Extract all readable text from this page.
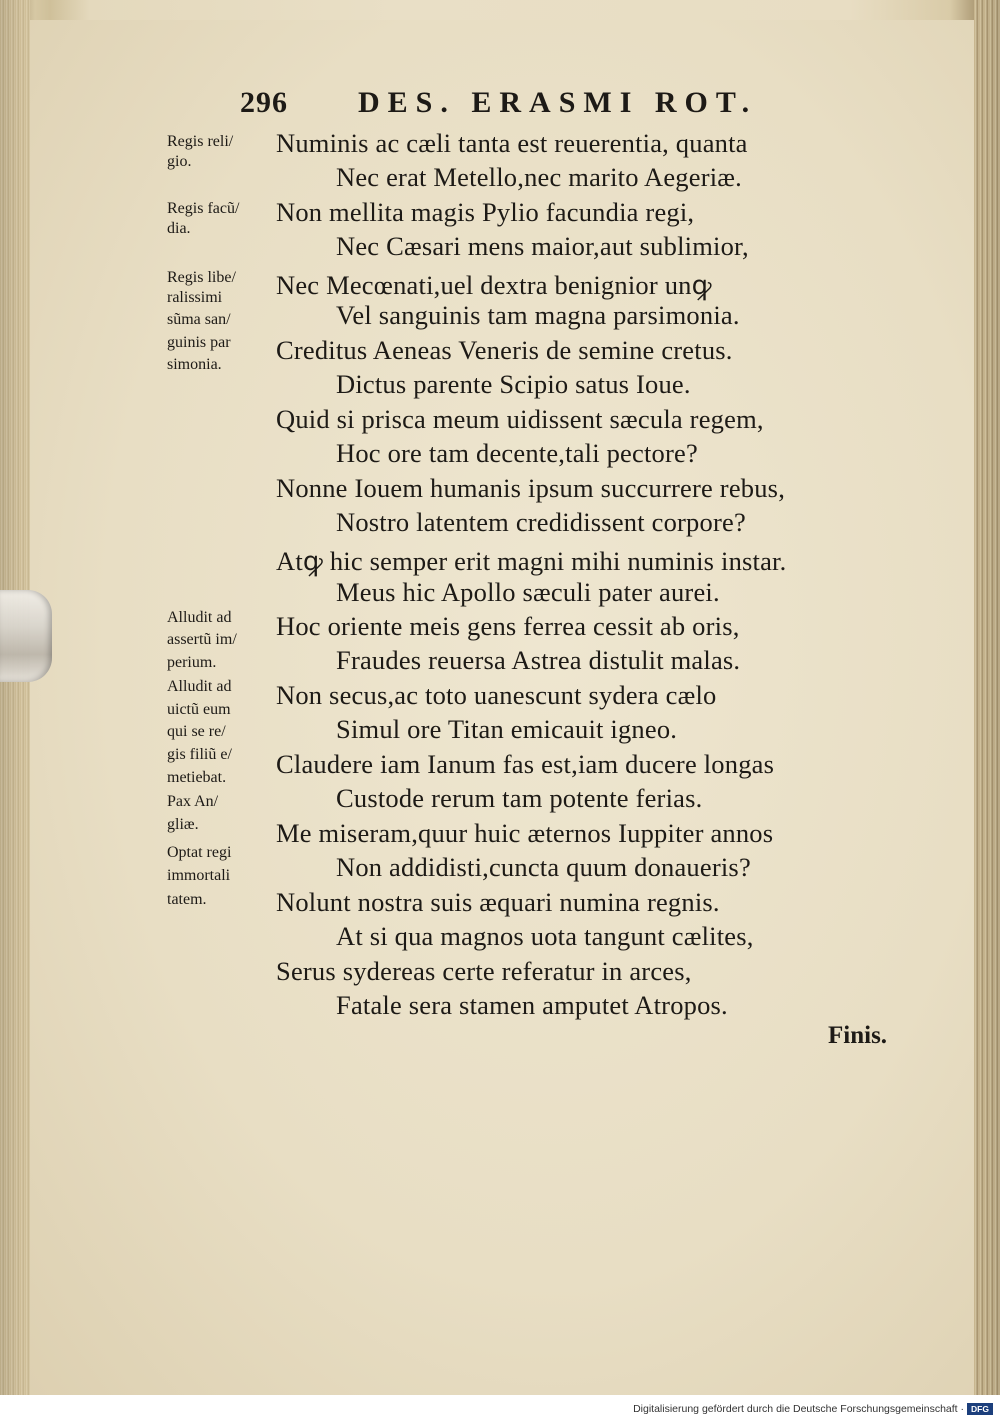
296 DES. ERASMI ROT.
Numinis ac cæli tanta est reuerentia, quanta
Nec erat Metello,nec marito Aegeriæ.
Non mellita magis Pylio facundia regi,
Nec Cæsari mens maior,aut sublimior,
Nec Mecœnati,uel dextra benignior unꝙ
Vel sanguinis tam magna parsimonia.
Creditus Aeneas Veneris de semine cretus.
Dictus parente Scipio satus Ioue.
Quid si prisca meum uidissent sæcula regem,
Hoc ore tam decente,tali pectore?
Nonne Iouem humanis ipsum succurrere rebus,
Nostro latentem credidissent corpore?
Atꝙ hic semper erit magni mihi numinis instar.
Meus hic Apollo sæculi pater aurei.
Hoc oriente meis gens ferrea cessit ab oris,
Fraudes reuersa Astrea distulit malas.
Non secus,ac toto uanescunt sydera cælo
Simul ore Titan emicauit igneo.
Claudere iam Ianum fas est,iam ducere longas
Custode rerum tam potente ferias.
Me miseram,quur huic æternos Iuppiter annos
Non addidisti,cuncta quum donaueris?
Nolunt nostra suis æquari numina regnis.
At si qua magnos uota tangunt cælites,
Serus sydereas certe referatur in arces,
Fatale sera stamen amputet Atropos.
Regis reli/
gio.
Regis facũ/
dia.
Regis libe/
ralissimi
sũma san/
guinis par
simonia.
Alludit ad
assertũ im/
perium.
Alludit ad
uictũ eum
qui se re/
gis filiũ e/
metiebat.
Pax An/
gliæ.
Optat regi
immortali
tatem.
Finis.
Digitalisierung gefördert durch die Deutsche Forschungsgemeinschaft · DFG
